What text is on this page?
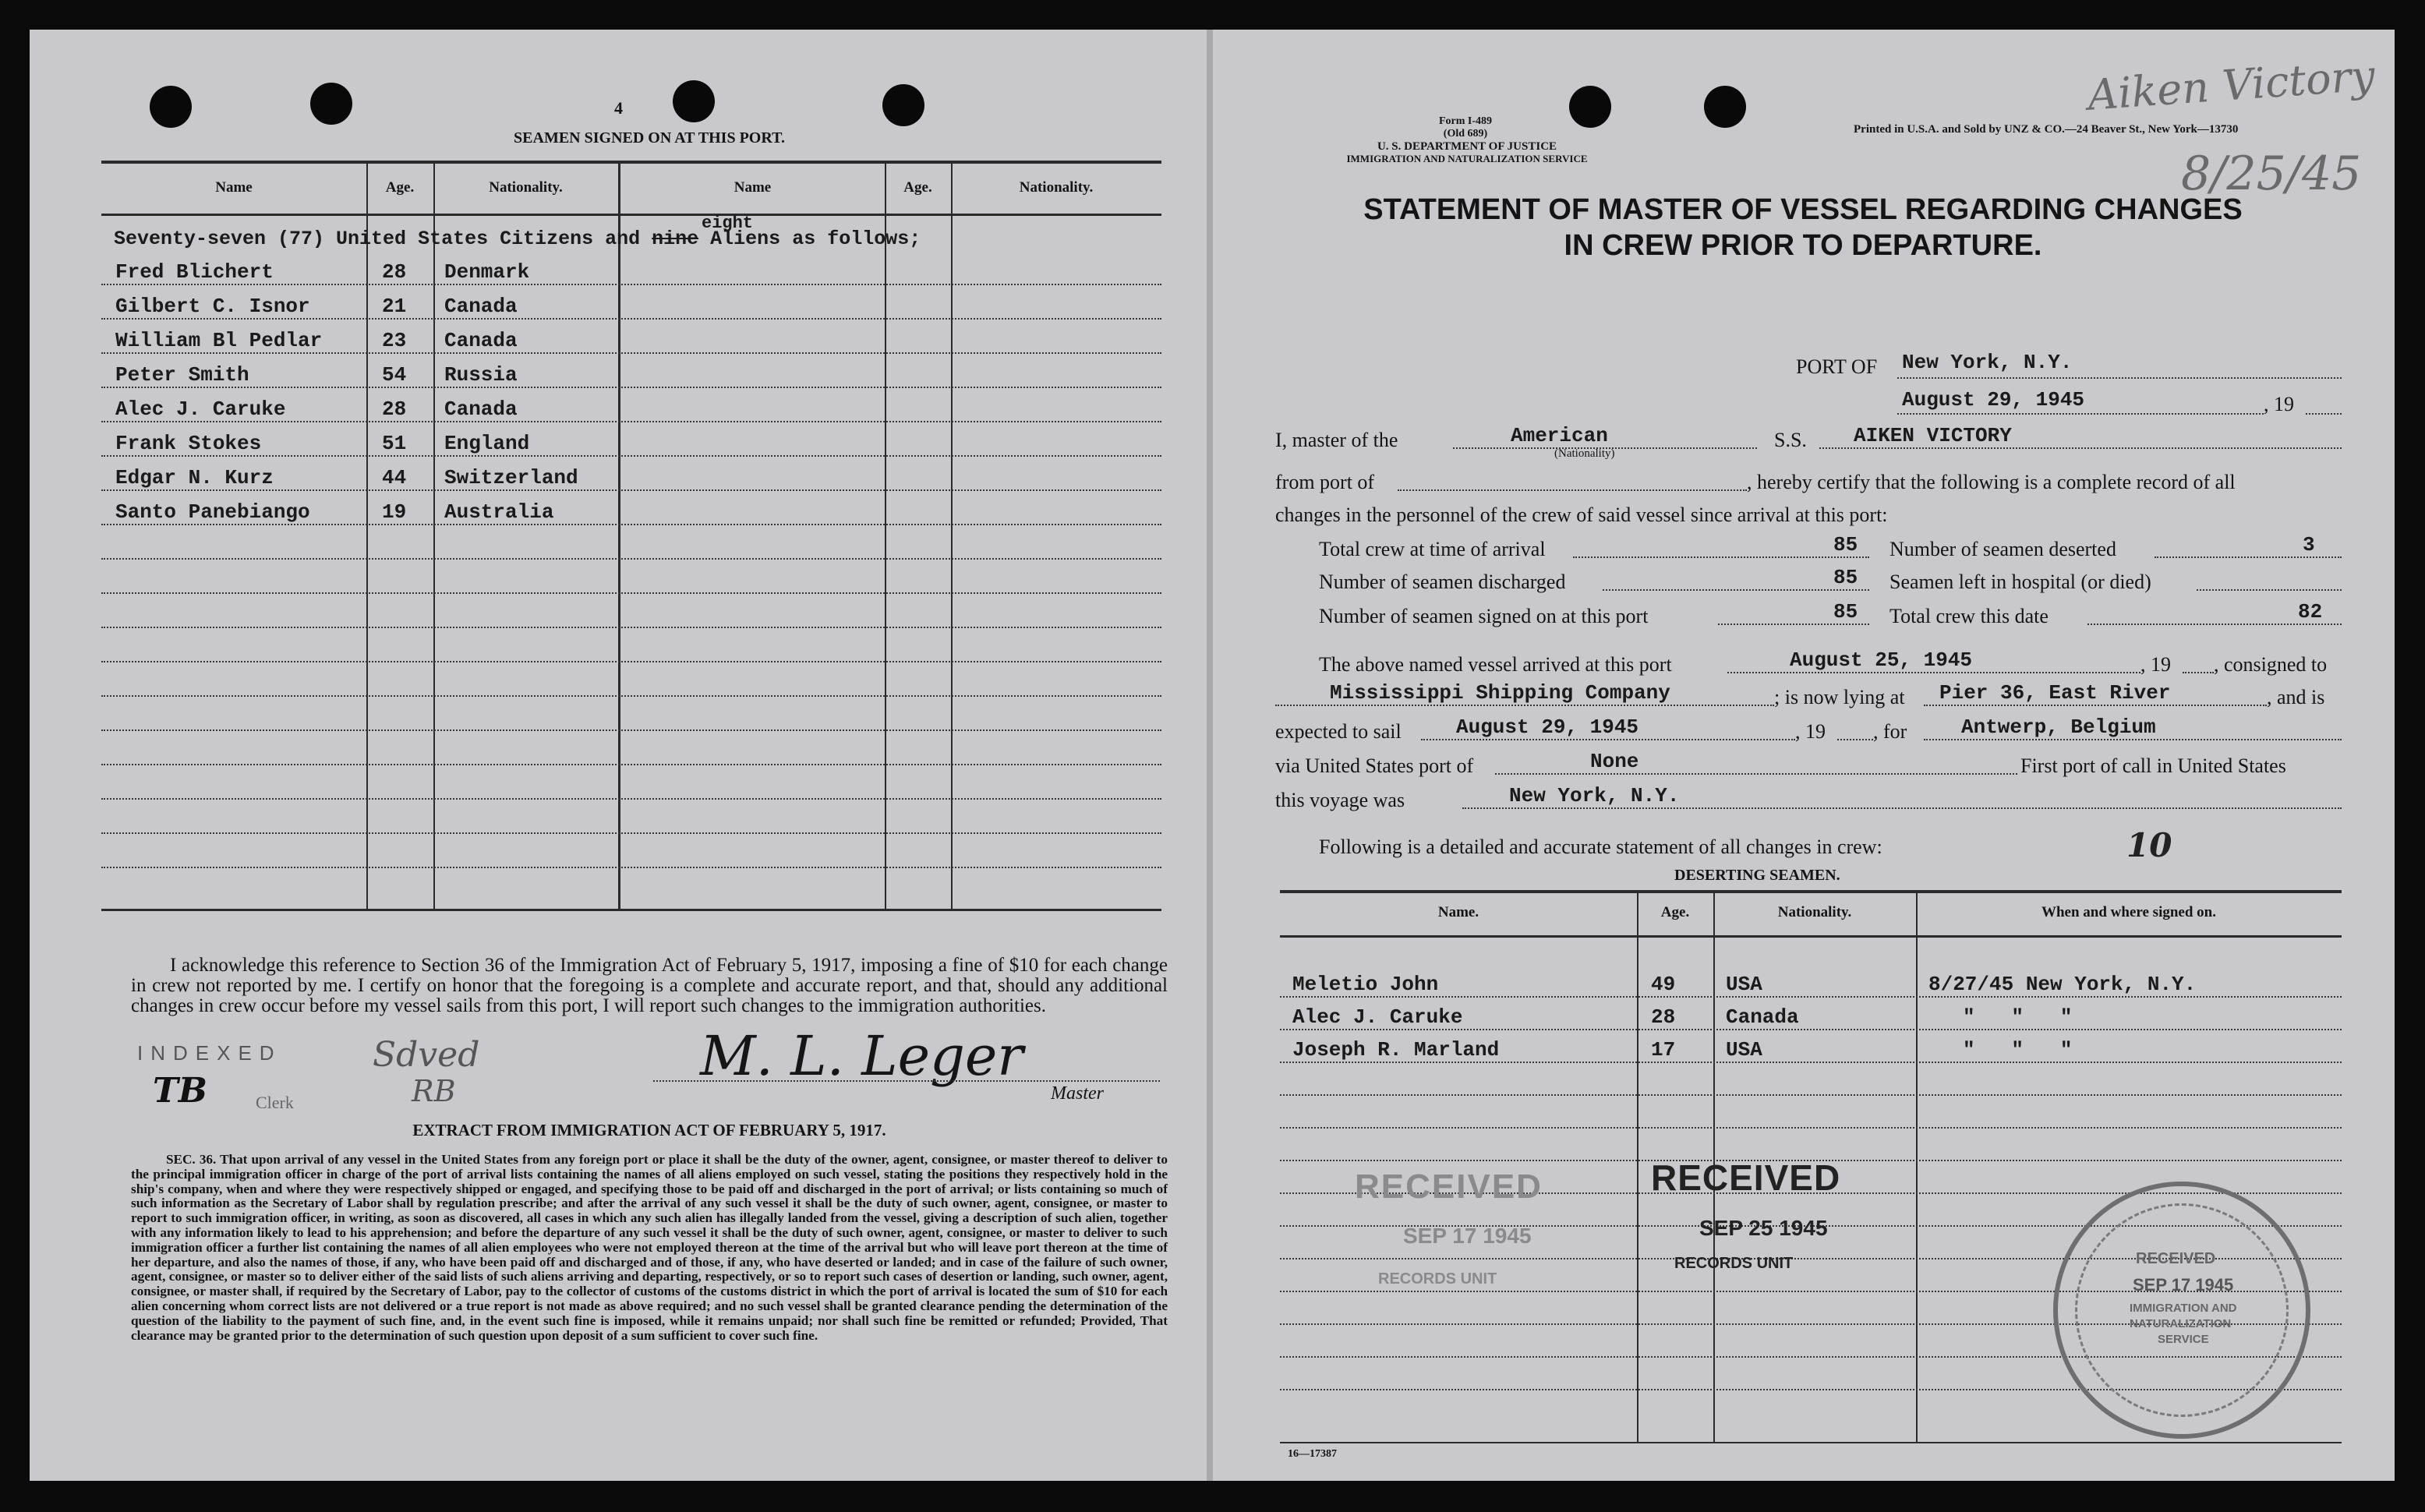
4
SEAMEN SIGNED ON AT THIS PORT.
Name	Age.	Nationality.	Name	Age.	Nationality.
Seventy-seven (77) United States Citizens and nine Aliens as follows;
eight
Fred Blichert	28 Denmark
Gilbert C. Isnor	21 Canada
William Bl Pedlar	23 Canada
Peter Smith	54 Russia
Alec J. Caruke	28 Canada
Frank Stokes	51 England
Edgar N. Kurz	44 Switzerland
Santo Panebiango	19 Australia
I acknowledge this reference to Section 36 of the Immigration Act of February 5, 1917, imposing a fine of $10 for each change in crew not reported by me. I certify on honor that the foregoing is a complete and accurate report, and that, should any additional changes in crew occur before my vessel sails from this port, I will report such changes to the immigration authorities.
INDEXED
TB	Clerk
Sdved
RB
M. L. Leger
Master
EXTRACT FROM IMMIGRATION ACT OF FEBRUARY 5, 1917.
SEC. 36. That upon arrival of any vessel in the United States from any foreign port or place it shall be the duty of the owner, agent, consignee, or master thereof to deliver to the principal immigration officer in charge of the port of arrival lists containing the names of all aliens employed on such vessel, stating the positions they respectively hold in the ship's company, when and where they were respectively shipped or engaged, and specifying those to be paid off and discharged in the port of arrival; or lists containing so much of such information as the Secretary of Labor shall by regulation prescribe; and after the arrival of any such vessel it shall be the duty of such owner, agent, consignee, or master to report to such immigration officer, in writing, as soon as discovered, all cases in which any such alien has illegally landed from the vessel, giving a description of such alien, together with any information likely to lead to his apprehension; and before the departure of any such vessel it shall be the duty of such owner, agent, consignee, or master to deliver to such immigration officer a further list containing the names of all alien employees who were not employed thereon at the time of the arrival but who will leave port thereon at the time of her departure, and also the names of those, if any, who have been paid off and discharged and of those, if any, who have deserted or landed; and in case of the failure of such owner, agent, consignee, or master so to deliver either of the said lists of such aliens arriving and departing, respectively, or so to report such cases of desertion or landing, such owner, agent, consignee, or master shall, if required by the Secretary of Labor, pay to the collector of customs of the customs district in which the port of arrival is located the sum of $10 for each alien concerning whom correct lists are not delivered or a true report is not made as above required; and no such vessel shall be granted clearance pending the determination of the question of the liability to the payment of such fine, and, in the event such fine is imposed, while it remains unpaid; nor shall such fine be remitted or refunded; Provided, That clearance may be granted prior to the determination of such question upon deposit of a sum sufficient to cover such fine.
Form I-489
(Old 689)
U. S. DEPARTMENT OF JUSTICE
IMMIGRATION AND NATURALIZATION SERVICE
Printed in U.S.A. and Sold by UNZ & CO.—24 Beaver St., New York—13730
Aiken Victory
8/25/45
STATEMENT OF MASTER OF VESSEL REGARDING CHANGES
IN CREW PRIOR TO DEPARTURE.
PORT OF New York, N.Y.
August 29, 1945	, 19
I, master of the	American
(Nationality)
S.S. AIKEN VICTORY
from port of	, hereby certify that the following is a complete record of all
changes in the personnel of the crew of said vessel since arrival at this port:
Total crew at time of arrival	85 Number of seamen deserted	3
Number of seamen discharged	85 Seamen left in hospital (or died)
Number of seamen signed on at this port	85 Total crew this date	82
The above named vessel arrived at this port	August 25, 1945	, 19 , consigned to
Mississippi Shipping Company	; is now lying at Pier 36, East River	, and is
expected to sail	August 29, 1945	, 19 , for	Antwerp, Belgium
via United States port of	None	First port of call in United States
this voyage was	New York, N.Y.
Following is a detailed and accurate statement of all changes in crew:	10
DESERTING SEAMEN.
Name.	Age.	Nationality.	When and where signed on.
Meletio John	49 USA	8/27/45 New York, N.Y.
Alec J. Caruke	28 Canada	"   "   "
Joseph R. Marland	17 USA	"   "   "
RECEIVED
SEP 17 1945
RECORDS UNIT
RECEIVED
SEP 25 1945
RECORDS UNIT	RECEIVED
SEP 17 1945
IMMIGRATION AND
NATURALIZATION
SERVICE
16—17387
